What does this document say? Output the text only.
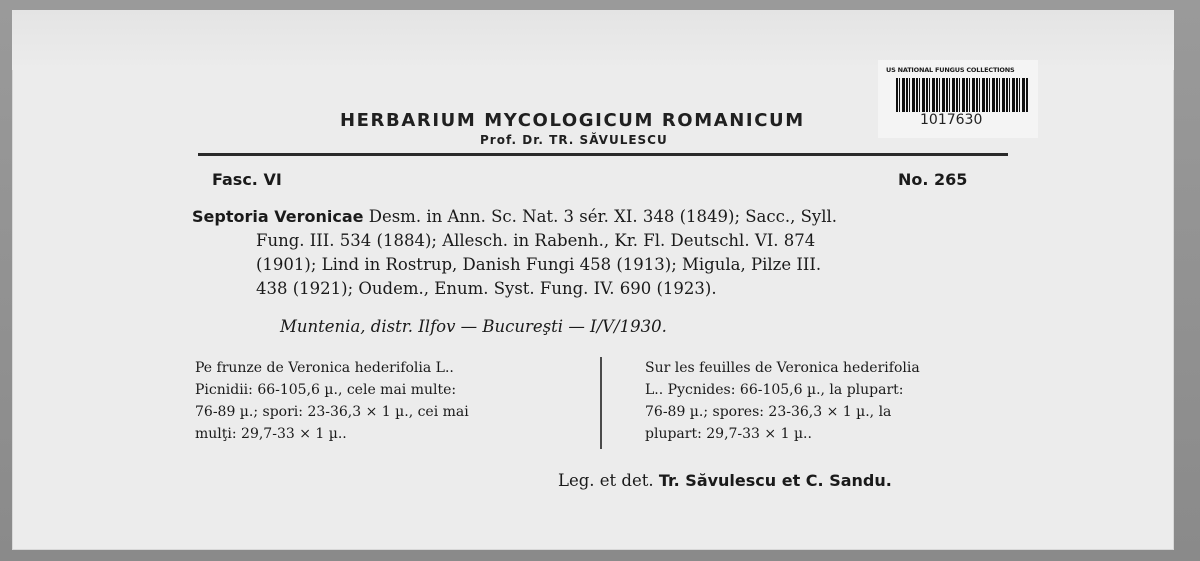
US NATIONAL FUNGUS COLLECTIONS
1017630
HERBARIUM MYCOLOGICUM ROMANICUM
Prof. Dr. TR. SĂVULESCU
Fasc. VI	No. 265
Septoria Veronicae Desm. in Ann. Sc. Nat. 3 sér. XI. 348 (1849); Sacc., Syll.
Fung. III. 534 (1884); Allesch. in Rabenh., Kr. Fl. Deutschl. VI. 874
(1901); Lind in Rostrup, Danish Fungi 458 (1913); Migula, Pilze III.
438 (1921); Oudem., Enum. Syst. Fung. IV. 690 (1923).
Muntenia, distr. Ilfov — Bucureşti — I/V/1930.
Pe frunze de Veronica hederifolia L..
Picnidii: 66-105,6 µ., cele mai multe:
76-89 µ.; spori: 23-36,3 × 1 µ., cei mai
mulţi: 29,7-33 × 1 µ..
Sur les feuilles de Veronica hederifolia
L.. Pycnides: 66-105,6 µ., la plupart:
76-89 µ.; spores: 23-36,3 × 1 µ., la
plupart: 29,7-33 × 1 µ..
Leg. et det. Tr. Săvulescu et C. Sandu.
